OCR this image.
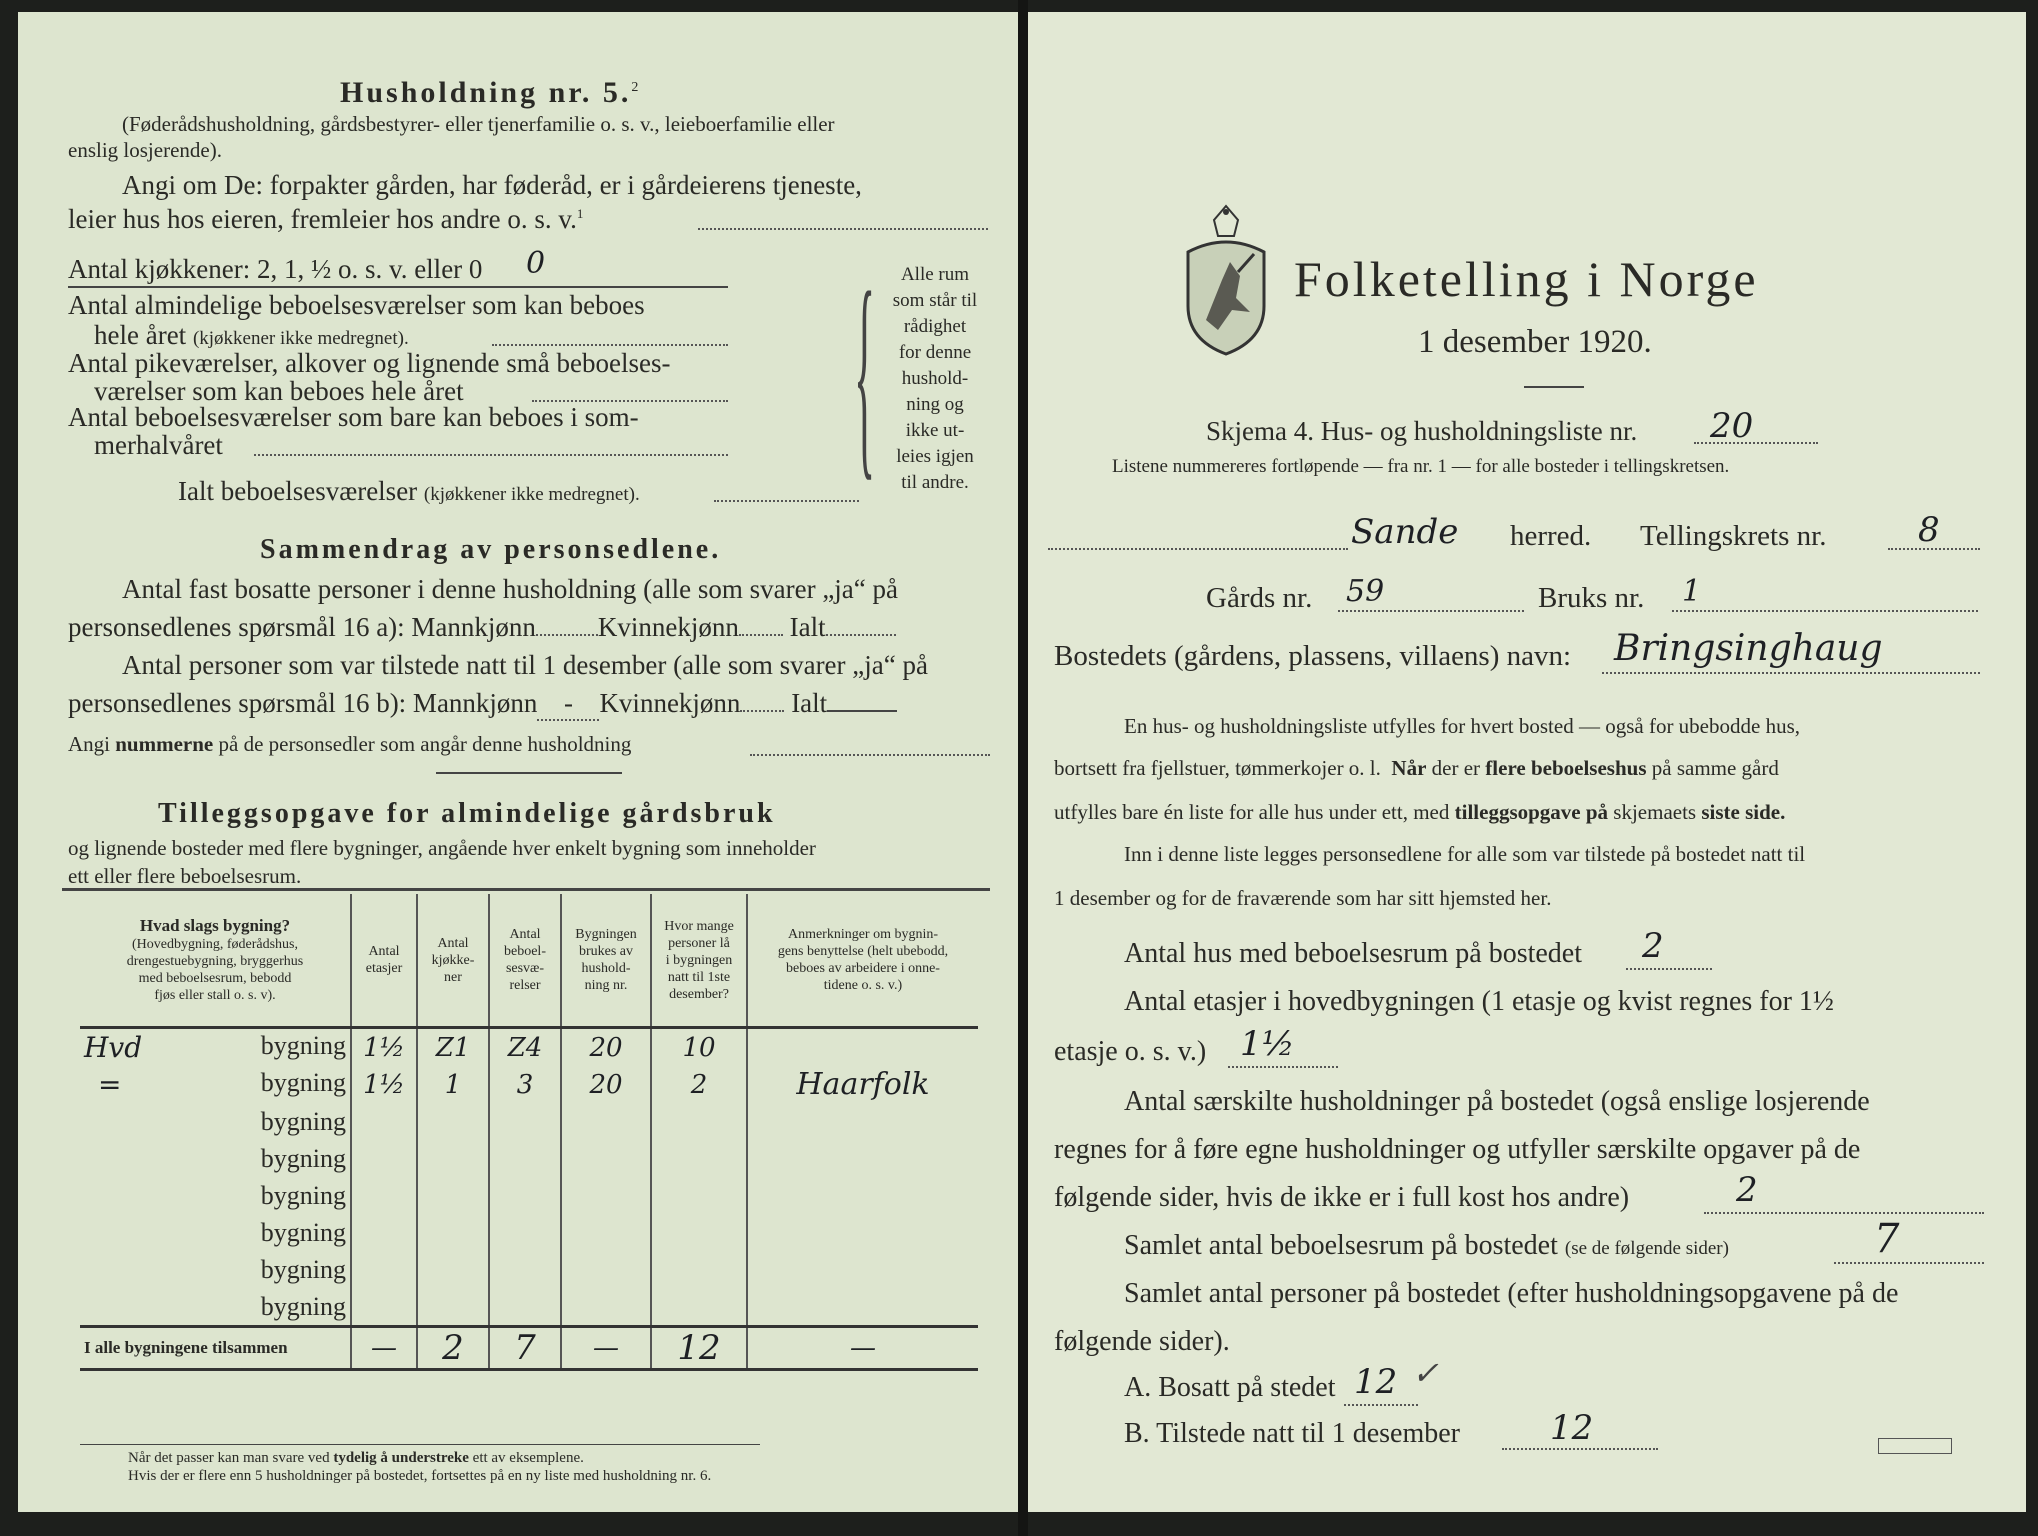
Husholdning nr. 5.$^2$
(Føderådshusholdning, gårdsbestyrer- eller tjenerfamilie o. s. v., leieboerfamilie eller
enslig losjerende).
Angi om De: forpakter gården, har føderåd, er i gårdeierens tjeneste,
leier hus hos eieren, fremleier hos andre o. s. v.$^1$
Antal kjøkkener: 2, 1, ½ o. s. v. eller 0 0
Antal almindelige beboelsesværelser som kan beboes
hele året (kjøkkener ikke medregnet).
Antal pikeværelser, alkover og lignende små beboelses-
værelser som kan beboes hele året
Antal beboelsesværelser som bare kan beboes i som-
merhalvåret
Ialt beboelsesværelser (kjøkkener ikke medregnet).	{	Alle rum
som står til
rådighet
for denne
hushold-
ning og
ikke ut-
leies igjen
til andre.
Sammendrag av personsedlene.
Antal fast bosatte personer i denne husholdning (alle som svarer „ja“ på
personsedlenes spørsmål 16 a): Mannkjønn Kvinnekjønn Ialt
Antal personer som var tilstede natt til 1 desember (alle som svarer „ja“ på
personsedlenes spørsmål 16 b): Mannkjønn - Kvinnekjønn Ialt
Angi nummerne på de personsedler som angår denne husholdning
Tilleggsopgave for almindelige gårdsbruk
og lignende bosteder med flere bygninger, angående hver enkelt bygning som inneholder
ett eller flere beboelsesrum.
Hvad slags bygning?
(Hovedbygning, føderådshus,
drengestuebygning, bryggerhus
med beboelsesrum, bebodd
fjøs eller stall o. s. v).	Antal
etasjer	Antal
kjøkke-
ner	Antal
beboel-
sesvæ-
relser	Bygningen
brukes av
hushold-
ning nr.	Hvor mange
personer lå
i bygningen
natt til 1ste
desember?	Anmerkninger om bygnin-
gens benyttelse (helt ubebodd,
beboes av arbeidere i onne-
tidene o. s. v.)

Hvd bygning	1½	Z1	Z4	20	10	

= bygning	1½	1	3	20	2	Haarfolk
bygning						
bygning						
bygning						
bygning						
bygning						
bygning						
I alle bygningene tilsammen	—	2	7	—	12	—
Når det passer kan man svare ved tydelig å understreke ett av eksemplene.
Hvis der er flere enn 5 husholdninger på bostedet, fortsettes på en ny liste med husholdning nr. 6.
Folketelling i Norge
1 desember 1920.
Skjema 4. Hus- og husholdningsliste nr. 20
Listene nummereres fortløpende — fra nr. 1 — for alle bosteder i tellingskretsen.
Sande herred. Tellingskrets nr.	8
Gårds nr. 59	Bruks nr. 1
Bostedets (gårdens, plassens, villaens) navn: Bringsinghaug
En hus- og husholdningsliste utfylles for hvert bosted — også for ubebodde hus,
bortsett fra fjellstuer, tømmerkojer o. l. Når der er flere beboelseshus på samme gård
utfylles bare én liste for alle hus under ett, med tilleggsopgave på skjemaets siste side.
Inn i denne liste legges personsedlene for alle som var tilstede på bostedet natt til
1 desember og for de fraværende som har sitt hjemsted her.
Antal hus med beboelsesrum på bostedet 2
Antal etasjer i hovedbygningen (1 etasje og kvist regnes for 1½
etasje o. s. v.) 1½
Antal særskilte husholdninger på bostedet (også enslige losjerende
regnes for å føre egne husholdninger og utfyller særskilte opgaver på de
følgende sider, hvis de ikke er i full kost hos andre)	2
Samlet antal beboelsesrum på bostedet (se de følgende sider)	7
Samlet antal personer på bostedet (efter husholdningsopgavene på de
følgende sider).
A. Bosatt på stedet 12 ✓
B. Tilstede natt til 1 desember	12
